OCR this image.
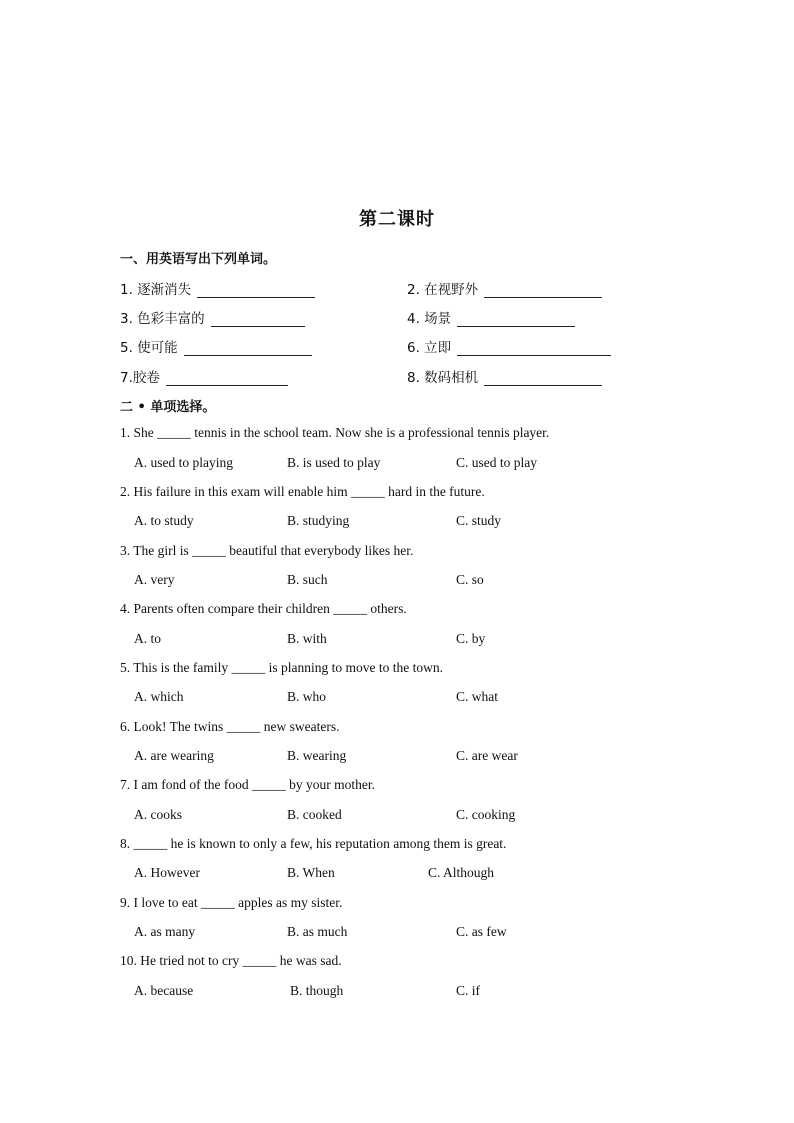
第二课时
一、用英语写出下列单词。
1. 逐渐消失	2. 在视野外
3. 色彩丰富的	4. 场景
5. 使可能	6. 立即
7.胶卷	8. 数码相机
二 • 单项选择。
1. She _____ tennis in the school team. Now she is a professional tennis player.
A. used to playing	B. is used to play	C. used to play
2. His failure in this exam will enable him _____ hard in the future.
A. to study	B. studying	C. study
3. The girl is _____ beautiful that everybody likes her.
A. very	B. such	C. so
4. Parents often compare their children _____ others.
A. to	B. with	C. by
5. This is the family _____ is planning to move to the town.
A. which	B. who	C. what
6. Look! The twins _____ new sweaters.
A. are wearing	B. wearing	C. are wear
7. I am fond of the food _____ by your mother.
A. cooks	B. cooked	C. cooking
8. _____ he is known to only a few, his reputation among them is great.
A. However	B. When	C. Although
9. I love to eat _____ apples as my sister.
A. as many	B. as much	C. as few
10. He tried not to cry _____ he was sad.
A. because	B. though	C. if
